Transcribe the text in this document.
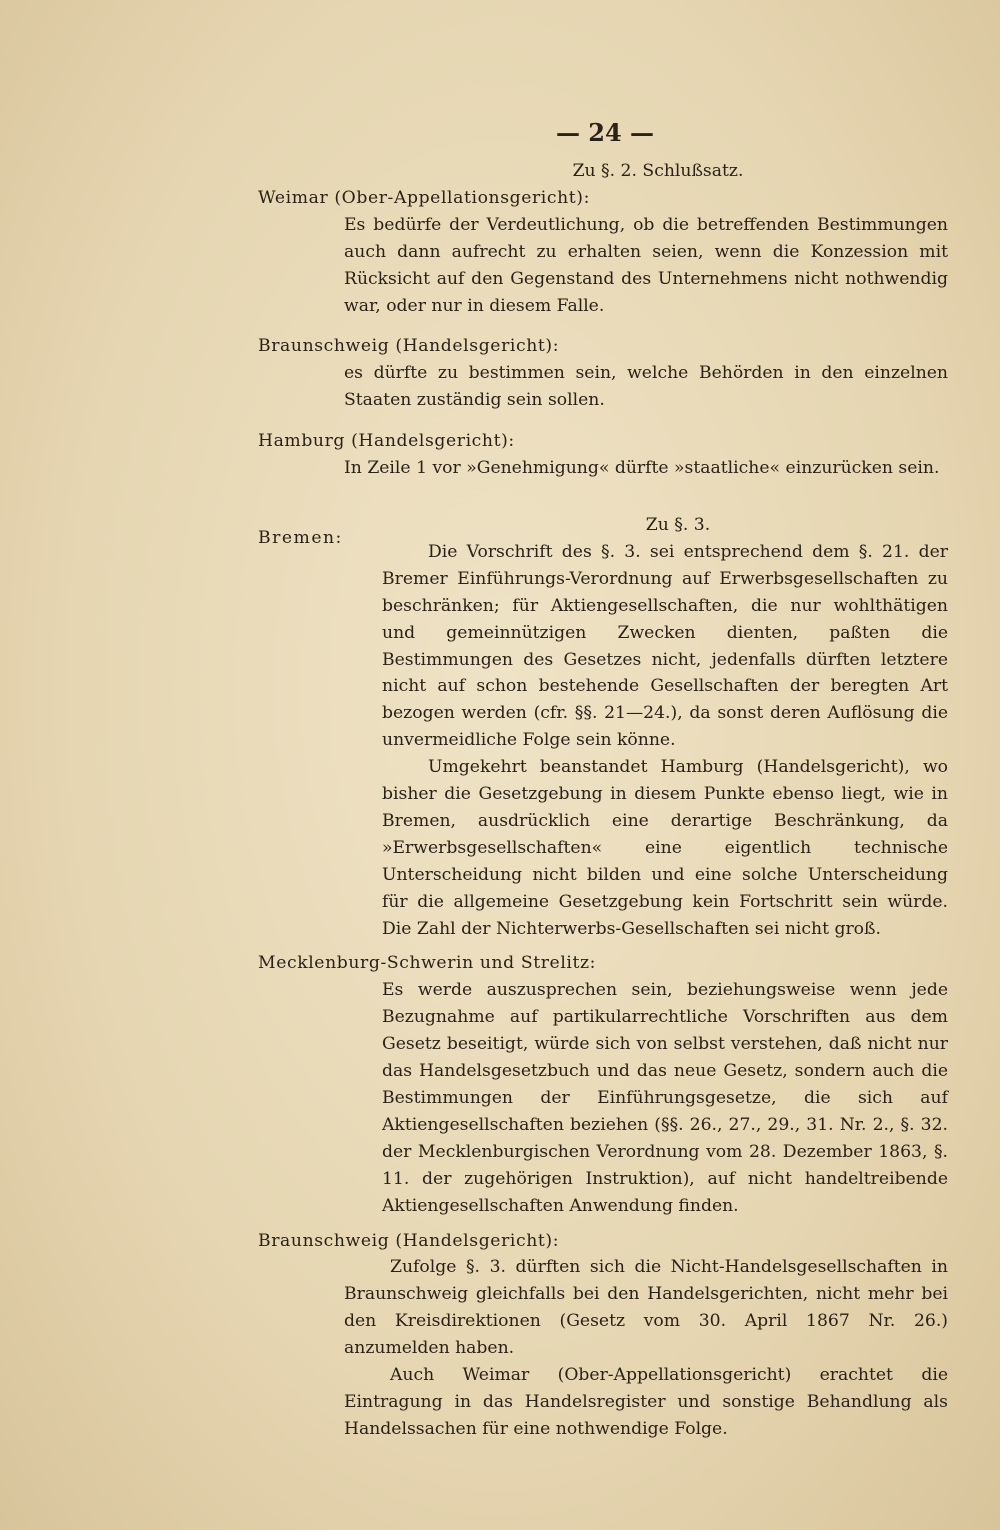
— 24 —

Zu §. 2. Schlußsatz.

Weimar (Ober-Appellationsgericht):

Es bedürfe der Verdeutlichung, ob die betreffenden Bestimmungen auch dann aufrecht zu erhalten seien, wenn die Konzession mit Rücksicht auf den Gegenstand des Unternehmens nicht nothwendig war, oder nur in diesem Falle.

Braunschweig (Handelsgericht):

es dürfte zu bestimmen sein, welche Behörden in den einzelnen Staaten zuständig sein sollen.

Hamburg (Handelsgericht):

In Zeile 1 vor »Genehmigung« dürfte »staatliche« einzurücken sein.

Zu §. 3.

Bremen:

Die Vorschrift des §. 3. sei entsprechend dem §. 21. der Bremer Einführungs-Verordnung auf Erwerbsgesellschaften zu beschränken; für Aktiengesellschaften, die nur wohlthätigen und gemeinnützigen Zwecken dienten, paßten die Bestimmungen des Gesetzes nicht, jedenfalls dürften letztere nicht auf schon bestehende Gesellschaften der beregten Art bezogen werden (cfr. §§. 21—24.), da sonst deren Auflösung die unvermeidliche Folge sein könne.

Umgekehrt beanstandet Hamburg (Handelsgericht), wo bisher die Gesetzgebung in diesem Punkte ebenso liegt, wie in Bremen, ausdrücklich eine derartige Beschränkung, da »Erwerbsgesellschaften« eine eigentlich technische Unterscheidung nicht bilden und eine solche Unterscheidung für die allgemeine Gesetzgebung kein Fortschritt sein würde. Die Zahl der Nichterwerbs-Gesellschaften sei nicht groß.

Mecklenburg-Schwerin und Strelitz:

Es werde auszusprechen sein, beziehungsweise wenn jede Bezugnahme auf partikularrechtliche Vorschriften aus dem Gesetz beseitigt, würde sich von selbst verstehen, daß nicht nur das Handelsgesetzbuch und das neue Gesetz, sondern auch die Bestimmungen der Einführungsgesetze, die sich auf Aktiengesellschaften beziehen (§§. 26., 27., 29., 31. Nr. 2., §. 32. der Mecklenburgischen Verordnung vom 28. Dezember 1863, §. 11. der zugehörigen Instruktion), auf nicht handeltreibende Aktiengesellschaften Anwendung finden.

Braunschweig (Handelsgericht):

Zufolge §. 3. dürften sich die Nicht-Handelsgesellschaften in Braunschweig gleichfalls bei den Handelsgerichten, nicht mehr bei den Kreisdirektionen (Gesetz vom 30. April 1867 Nr. 26.) anzumelden haben.

Auch Weimar (Ober-Appellationsgericht) erachtet die Eintragung in das Handelsregister und sonstige Behandlung als Handelssachen für eine nothwendige Folge.
